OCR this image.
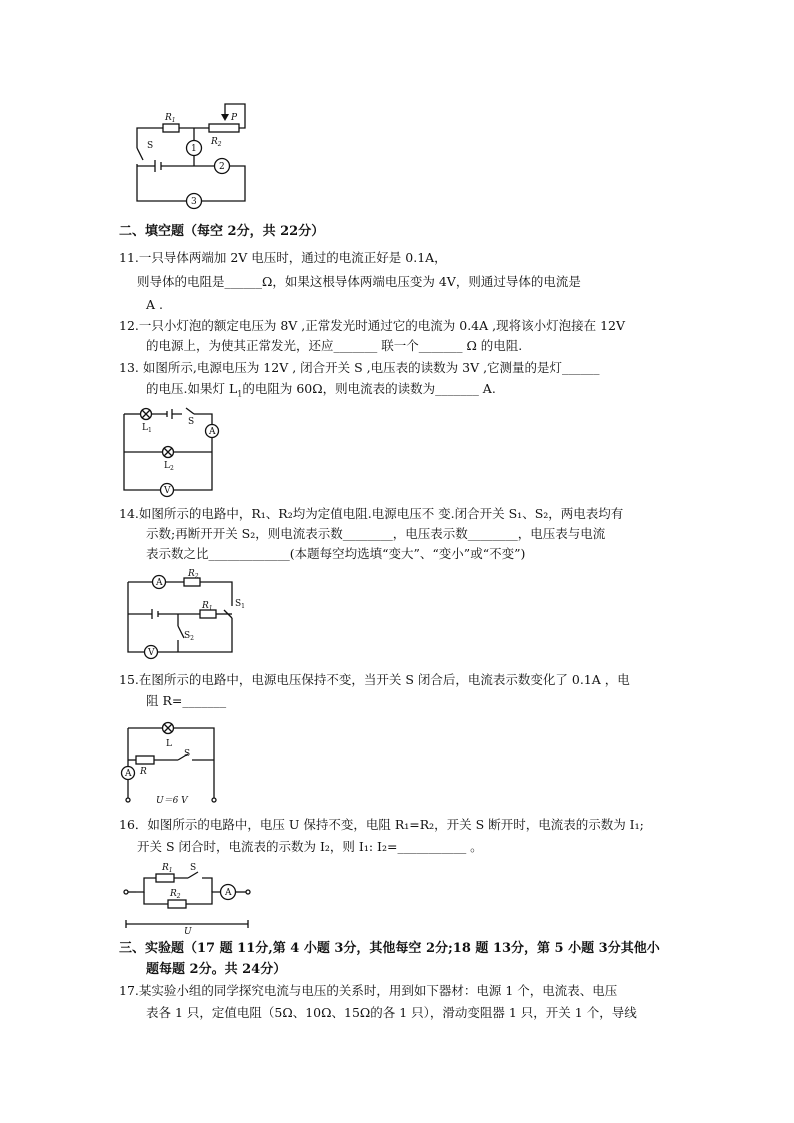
$R_1$
$R_2$
P
S	1
2
3
二、填空题（每空 2分，共 22分）
11.一只导体两端加 2V 电压时，通过的电流正好是 0.1A，
则导体的电阻是______Ω，如果这根导体两端电压变为 4V，则通过导体的电流是
A .
12.一只小灯泡的额定电压为 8V ,正常发光时通过它的电流为 0.4A ,现将该小灯泡接在 12V
的电源上，为使其正常发光，还应_______ 联一个_______ Ω 的电阻.
13. 如图所示,电源电压为 12V , 闭合开关 S ,电压表的读数为 3V ,它测量的是灯______
的电压.如果灯 $L_1$的电阻为 60Ω，则电流表的读数为_______ A.
$L_1$
$L_2$
S
A
V
14.如图所示的电路中，R₁、R₂均为定值电阻.电源电压不 变.闭合开关 S₁、S₂，两电表均有
示数;再断开开关 S₂，则电流表示数________，电压表示数________，电压表与电流
表示数之比_____________(本题每空均选填“变大”、“变小”或“不变”)
A
V
$R_2$
$R_1$ $S_1$
$S_2$
15.在图所示的电路中，电源电压保持不变，当开关 S 闭合后，电流表示数变化了 0.1A ，电
阻 R=_______
L
R
S
A
U＝6 V
16．如图所示的电路中，电压 U 保持不变，电阻 R₁=R₂，开关 S 断开时，电流表的示数为 I₁;
开关 S 闭合时，电流表的示数为 I₂，则 I₁: I₂=___________ 。
$R_1$
$R_2$
S
A
U
三、实验题（17 题 11分,第 4 小题 3分，其他每空 2分;18 题 13分，第 5 小题 3分其他小
题每题 2分。共 24分）
17.某实验小组的同学探究电流与电压的关系时，用到如下器材：电源 1 个，电流表、电压
表各 1 只，定值电阻（5Ω、10Ω、15Ω的各 1 只），滑动变阻器 1 只，开关 1 个，导线
